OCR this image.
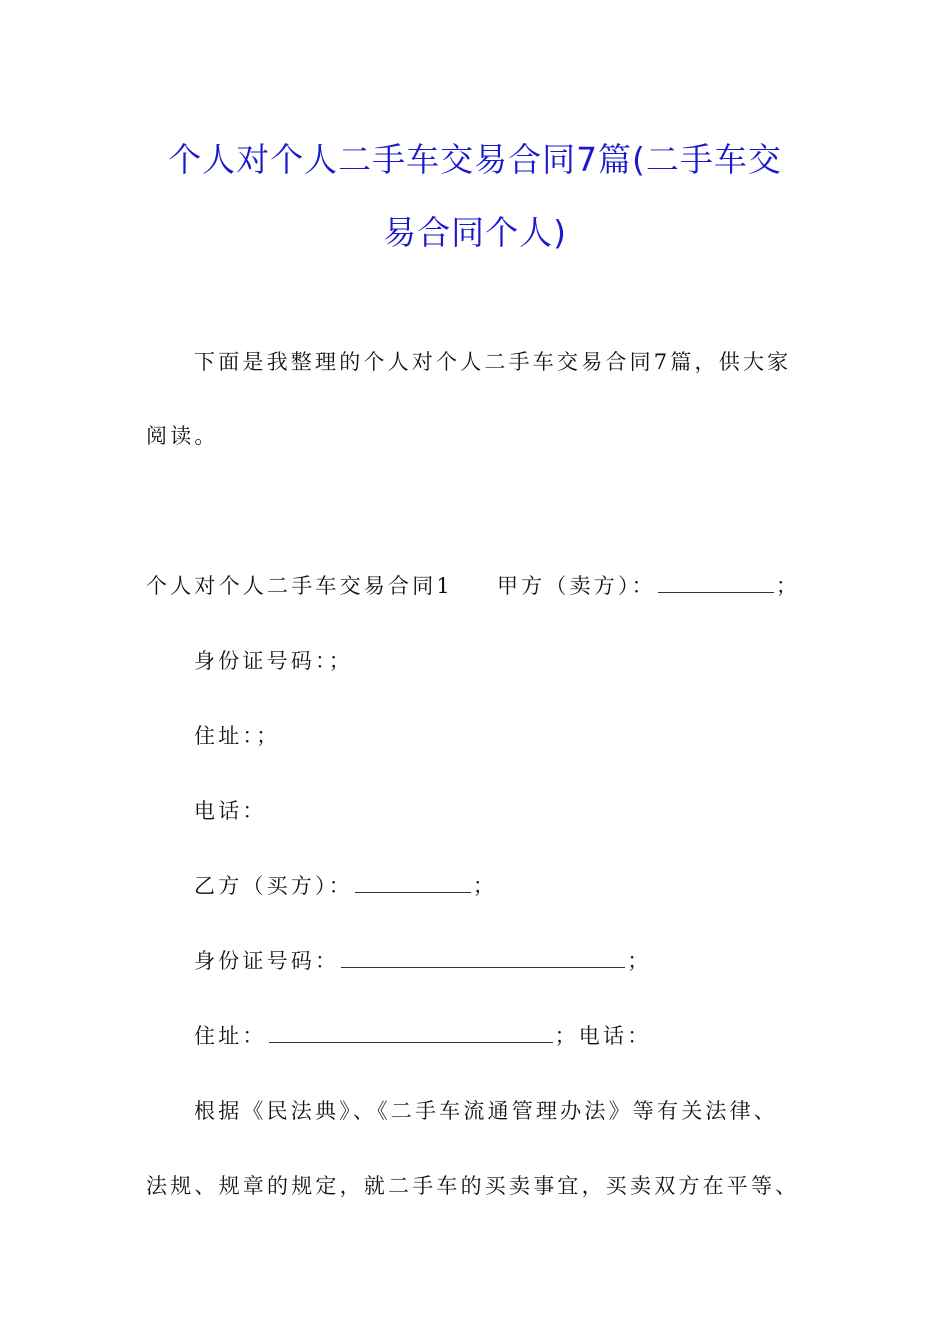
个人对个人二手车交易合同7篇(二手车交
易合同个人)
下面是我整理的个人对个人二手车交易合同7篇，供大家
阅读。
个人对个人二手车交易合同1 甲方（卖方）：	；
身份证号码：；
住址：；
电话：
乙方（买方）：	；
身份证号码：	；
住址：	；电话：
根据《民法典》、《二手车流通管理办法》等有关法律、
法规、规章的规定，就二手车的买卖事宜，买卖双方在平等、
